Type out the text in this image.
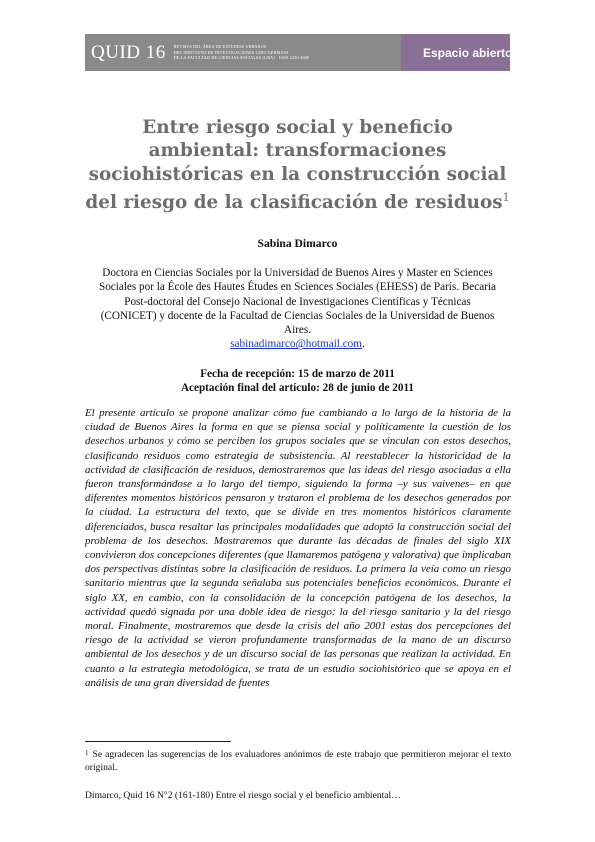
QUID 16 REVISTA DEL ÁREA DE ESTUDIOS URBANOS
DEL INSTITUTO DE INVESTIGACIONES GINO GERMANI
DE LA FACULTAD DE CIENCIAS SOCIALES (UBA) · ISSN 2250-4060	Espacio abierto
Entre riesgo social y beneficio ambiental: transformaciones sociohistóricas en la construcción social del riesgo de la clasificación de residuos$^1$
Sabina Dimarco
Doctora en Ciencias Sociales por la Universidad de Buenos Aires y Master en Sciences Sociales por la École des Hautes Études en Sciences Sociales (EHESS) de París. Becaria Post-doctoral del Consejo Nacional de Investigaciones Científicas y Técnicas (CONICET) y docente de la Facultad de Ciencias Sociales de la Universidad de Buenos Aires.
sabinadimarco@hotmail.com.
Fecha de recepción: 15 de marzo de 2011
Aceptación final del artículo: 28 de junio de 2011

El presente artículo se propone analizar cómo fue cambiando a lo largo de la historia de la ciudad de Buenos Aires la forma en que se piensa social y políticamente la cuestión de los desechos urbanos y cómo se perciben los grupos sociales que se vinculan con estos desechos, clasificando residuos como estrategia de subsistencia. Al reestablecer la historicidad de la actividad de clasificación de residuos, demostraremos que las ideas del riesgo asociadas a ella fueron transformándose a lo largo del tiempo, siguiendo la forma –y sus vaivenes– en que diferentes momentos históricos pensaron y trataron el problema de los desechos generados por la ciudad. La estructura del texto, que se divide en tres momentos históricos claramente diferenciados, busca resaltar las principales modalidades que adoptó la construcción social del problema de los desechos. Mostraremos que durante las décadas de finales del siglo XIX convivieron dos concepciones diferentes (que llamaremos patógena y valorativa) que implicaban dos perspectivas distintas sobre la clasificación de residuos. La primera la veía como un riesgo sanitario mientras que la segunda señalaba sus potenciales beneficios económicos. Durante el siglo XX, en cambio, con la consolidación de la concepción patógena de los desechos, la actividad quedó signada por una doble idea de riesgo: la del riesgo sanitario y la del riesgo moral. Finalmente, mostraremos que desde la crisis del año 2001 estas dos percepciones del riesgo de la actividad se vieron profundamente transformadas de la mano de un discurso ambiental de los desechos y de un discurso social de las personas que realizan la actividad. En cuanto a la estrategia metodológica, se trata de un estudio sociohistórico que se apoya en el análisis de una gran diversidad de fuentes

$^1$ Se agradecen las sugerencias de los evaluadores anónimos de este trabajo que permitieron mejorar el texto original.
Dimarco, Quid 16 N°2 (161-180) Entre el riesgo social y el beneficio ambiental…
